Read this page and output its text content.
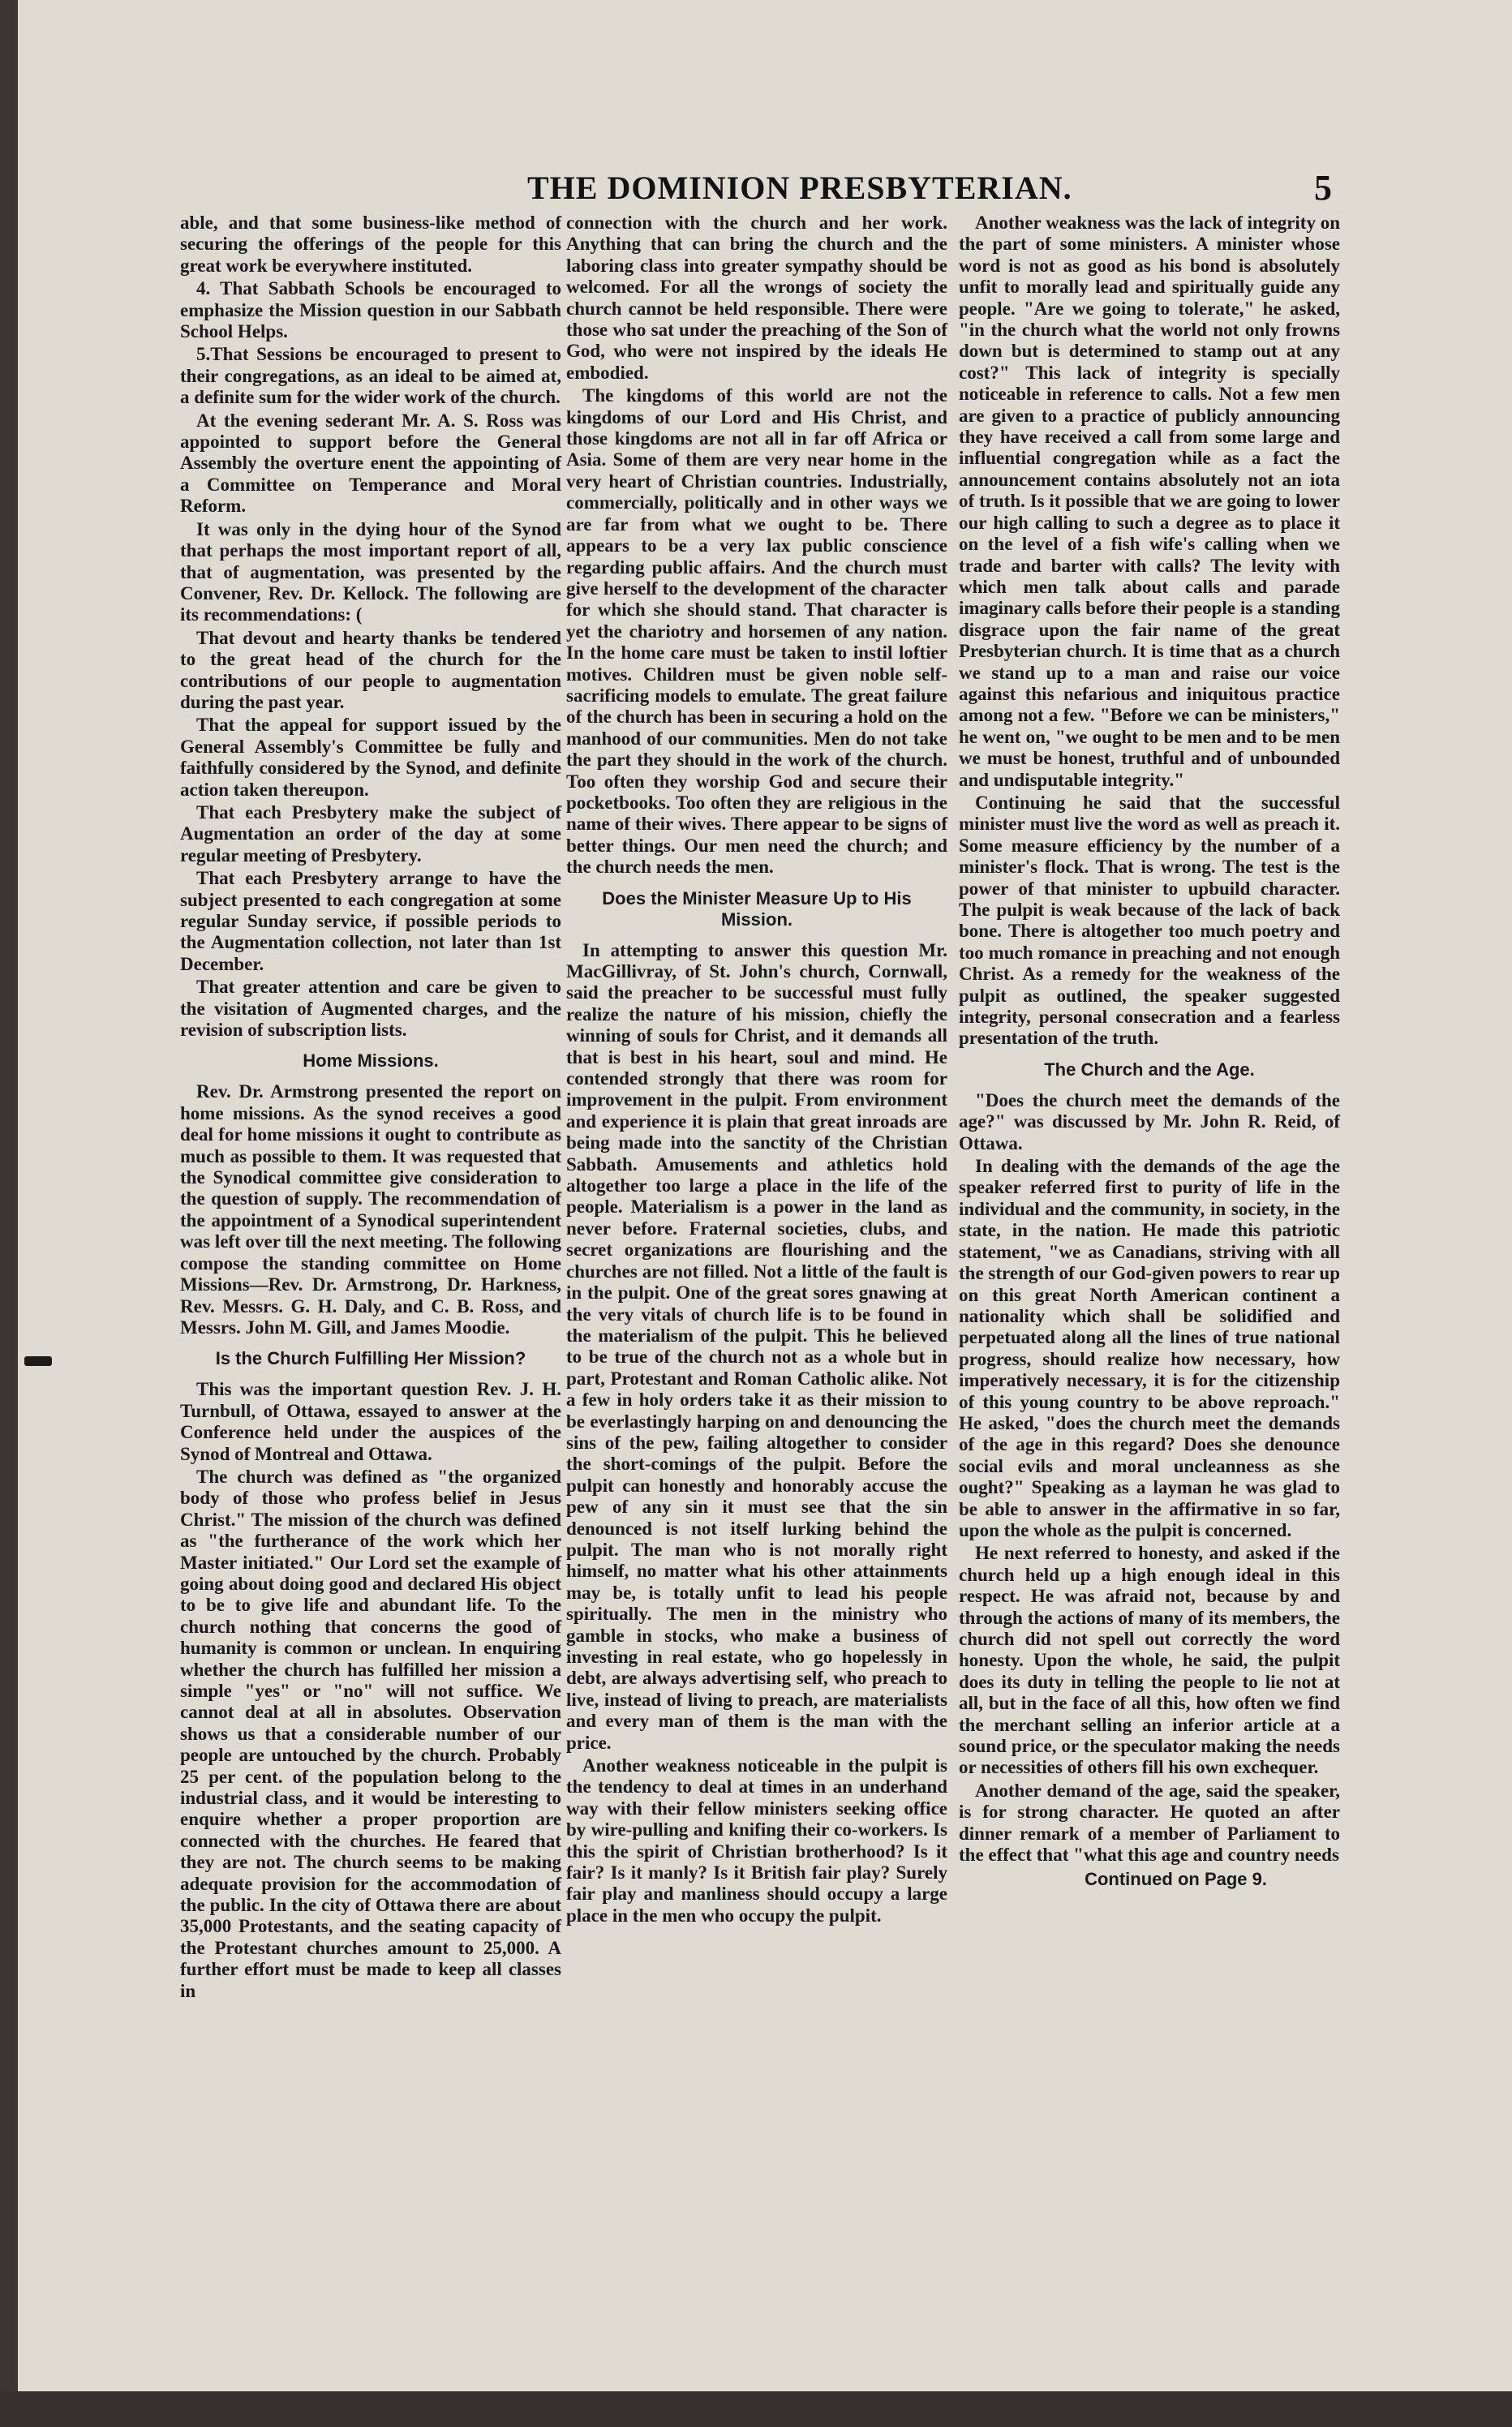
THE DOMINION PRESBYTERIAN.	5

able, and that some business-like method of securing the offerings of the people for this great work be everywhere instituted.

4. That Sabbath Schools be encouraged to emphasize the Mission question in our Sabbath School Helps.

5.That Sessions be encouraged to present to their congregations, as an ideal to be aimed at, a definite sum for the wider work of the church.

At the evening sederant Mr. A. S. Ross was appointed to support before the General Assembly the overture enent the appointing of a Committee on Temperance and Moral Reform.

It was only in the dying hour of the Synod that perhaps the most important report of all, that of augmentation, was presented by the Convener, Rev. Dr. Kellock. The following are its recommendations: (

That devout and hearty thanks be tendered to the great head of the church for the contributions of our people to augmentation during the past year.

That the appeal for support issued by the General Assembly's Committee be fully and faithfully considered by the Synod, and definite action taken thereupon.

That each Presbytery make the subject of Augmentation an order of the day at some regular meeting of Presbytery.

That each Presbytery arrange to have the subject presented to each congregation at some regular Sunday service, if possible periods to the Augmentation collection, not later than 1st December.

That greater attention and care be given to the visitation of Augmented charges, and the revision of subscription lists.

Home Missions.

Rev. Dr. Armstrong presented the report on home missions. As the synod receives a good deal for home missions it ought to contribute as much as possible to them. It was requested that the Synodical committee give consideration to the question of supply. The recommendation of the appointment of a Synodical superintendent was left over till the next meeting. The following compose the standing committee on Home Missions—Rev. Dr. Armstrong, Dr. Harkness, Rev. Messrs. G. H. Daly, and C. B. Ross, and Messrs. John M. Gill, and James Moodie.

Is the Church Fulfilling Her Mission?

This was the important question Rev. J. H. Turnbull, of Ottawa, essayed to answer at the Conference held under the auspices of the Synod of Montreal and Ottawa.

The church was defined as "the organized body of those who profess belief in Jesus Christ." The mission of the church was defined as "the furtherance of the work which her Master initiated." Our Lord set the example of going about doing good and declared His object to be to give life and abundant life. To the church nothing that concerns the good of humanity is common or unclean. In enquiring whether the church has fulfilled her mission a simple "yes" or "no" will not suffice. We cannot deal at all in absolutes. Observation shows us that a considerable number of our people are untouched by the church. Probably 25 per cent. of the population belong to the industrial class, and it would be interesting to enquire whether a proper proportion are connected with the churches. He feared that they are not. The church seems to be making adequate provision for the accommodation of the public. In the city of Ottawa there are about 35,000 Protestants, and the seating capacity of the Protestant churches amount to 25,000. A further effort must be made to keep all classes in

connection with the church and her work. Anything that can bring the church and the laboring class into greater sympathy should be welcomed. For all the wrongs of society the church cannot be held responsible. There were those who sat under the preaching of the Son of God, who were not inspired by the ideals He embodied.

The kingdoms of this world are not the kingdoms of our Lord and His Christ, and those kingdoms are not all in far off Africa or Asia. Some of them are very near home in the very heart of Christian countries. Industrially, commercially, politically and in other ways we are far from what we ought to be. There appears to be a very lax public conscience regarding public affairs. And the church must give herself to the development of the character for which she should stand. That character is yet the chariotry and horsemen of any nation. In the home care must be taken to instil loftier motives. Children must be given noble self-sacrificing models to emulate. The great failure of the church has been in securing a hold on the manhood of our communities. Men do not take the part they should in the work of the church. Too often they worship God and secure their pocketbooks. Too often they are religious in the name of their wives. There appear to be signs of better things. Our men need the church; and the church needs the men.

Does the Minister Measure Up to His Mission.

In attempting to answer this question Mr. MacGillivray, of St. John's church, Cornwall, said the preacher to be successful must fully realize the nature of his mission, chiefly the winning of souls for Christ, and it demands all that is best in his heart, soul and mind. He contended strongly that there was room for improvement in the pulpit. From environment and experience it is plain that great inroads are being made into the sanctity of the Christian Sabbath. Amusements and athletics hold altogether too large a place in the life of the people. Materialism is a power in the land as never before. Fraternal societies, clubs, and secret organizations are flourishing and the churches are not filled. Not a little of the fault is in the pulpit. One of the great sores gnawing at the very vitals of church life is to be found in the materialism of the pulpit. This he believed to be true of the church not as a whole but in part, Protestant and Roman Catholic alike. Not a few in holy orders take it as their mission to be everlastingly harping on and denouncing the sins of the pew, failing altogether to consider the short-comings of the pulpit. Before the pulpit can honestly and honorably accuse the pew of any sin it must see that the sin denounced is not itself lurking behind the pulpit. The man who is not morally right himself, no matter what his other attainments may be, is totally unfit to lead his people spiritually. The men in the ministry who gamble in stocks, who make a business of investing in real estate, who go hopelessly in debt, are always advertising self, who preach to live, instead of living to preach, are materialists and every man of them is the man with the price.

Another weakness noticeable in the pulpit is the tendency to deal at times in an underhand way with their fellow ministers seeking office by wire-pulling and knifing their co-workers. Is this the spirit of Christian brotherhood? Is it fair? Is it manly? Is it British fair play? Surely fair play and manliness should occupy a large place in the men who occupy the pulpit.

Another weakness was the lack of integrity on the part of some ministers. A minister whose word is not as good as his bond is absolutely unfit to morally lead and spiritually guide any people. "Are we going to tolerate," he asked, "in the church what the world not only frowns down but is determined to stamp out at any cost?" This lack of integrity is specially noticeable in reference to calls. Not a few men are given to a practice of publicly announcing they have received a call from some large and influential congregation while as a fact the announcement contains absolutely not an iota of truth. Is it possible that we are going to lower our high calling to such a degree as to place it on the level of a fish wife's calling when we trade and barter with calls? The levity with which men talk about calls and parade imaginary calls before their people is a standing disgrace upon the fair name of the great Presbyterian church. It is time that as a church we stand up to a man and raise our voice against this nefarious and iniquitous practice among not a few. "Before we can be ministers," he went on, "we ought to be men and to be men we must be honest, truthful and of unbounded and undisputable integrity."

Continuing he said that the successful minister must live the word as well as preach it. Some measure efficiency by the number of a minister's flock. That is wrong. The test is the power of that minister to upbuild character. The pulpit is weak because of the lack of back bone. There is altogether too much poetry and too much romance in preaching and not enough Christ. As a remedy for the weakness of the pulpit as outlined, the speaker suggested integrity, personal consecration and a fearless presentation of the truth.

The Church and the Age.

"Does the church meet the demands of the age?" was discussed by Mr. John R. Reid, of Ottawa.

In dealing with the demands of the age the speaker referred first to purity of life in the individual and the community, in society, in the state, in the nation. He made this patriotic statement, "we as Canadians, striving with all the strength of our God-given powers to rear up on this great North American continent a nationality which shall be solidified and perpetuated along all the lines of true national progress, should realize how necessary, how imperatively necessary, it is for the citizenship of this young country to be above reproach." He asked, "does the church meet the demands of the age in this regard? Does she denounce social evils and moral uncleanness as she ought?" Speaking as a layman he was glad to be able to answer in the affirmative in so far, upon the whole as the pulpit is concerned.

He next referred to honesty, and asked if the church held up a high enough ideal in this respect. He was afraid not, because by and through the actions of many of its members, the church did not spell out correctly the word honesty. Upon the whole, he said, the pulpit does its duty in telling the people to lie not at all, but in the face of all this, how often we find the merchant selling an inferior article at a sound price, or the speculator making the needs or necessities of others fill his own exchequer.

Another demand of the age, said the speaker, is for strong character. He quoted an after dinner remark of a member of Parliament to the effect that "what this age and country needs

Continued on Page 9.
